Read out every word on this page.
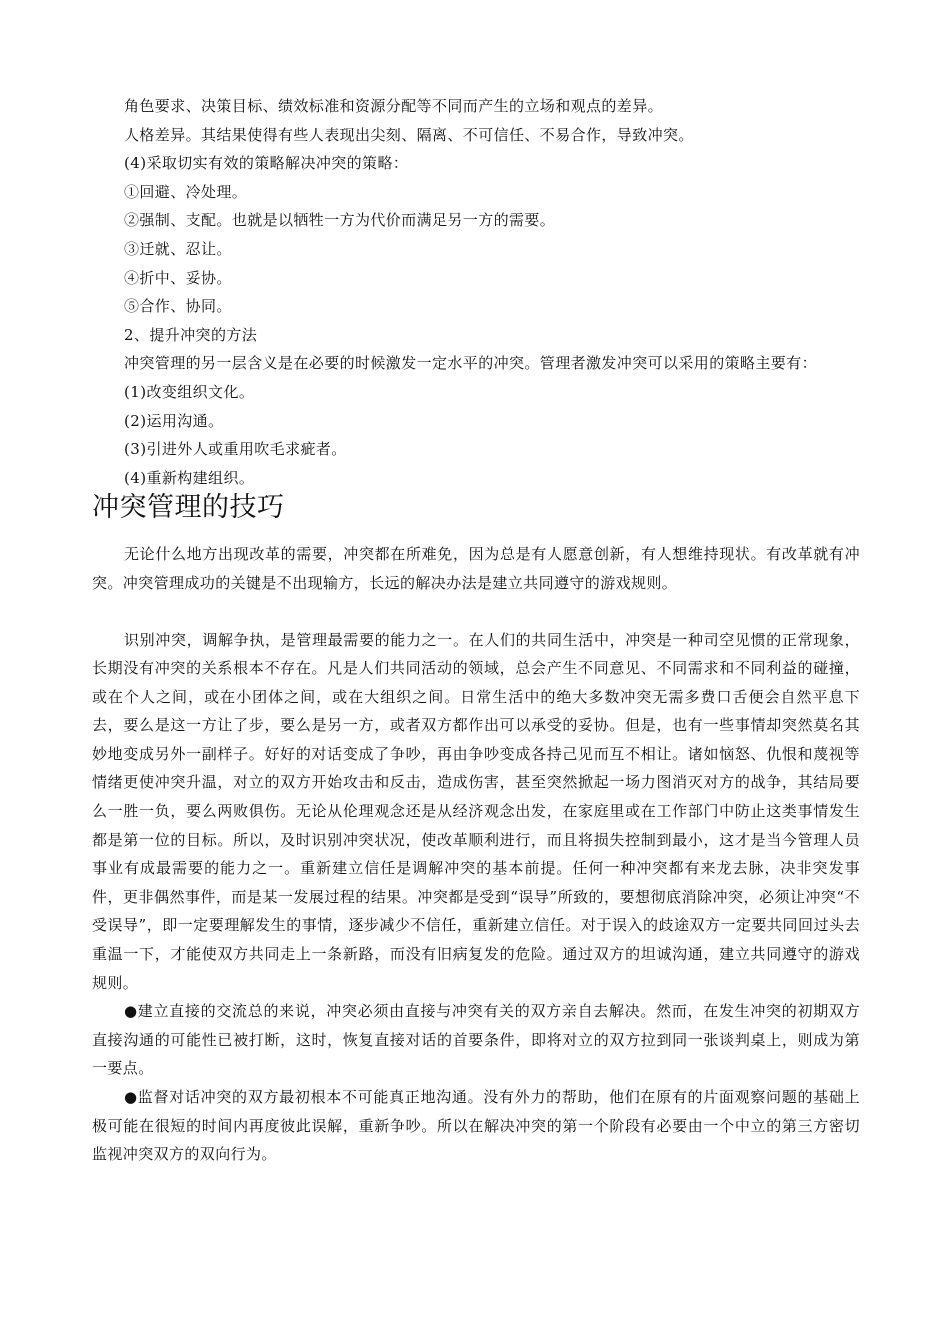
角色要求、决策目标、绩效标准和资源分配等不同而产生的立场和观点的差异。

人格差异。其结果使得有些人表现出尖刻、隔离、不可信任、不易合作，导致冲突。

(4)采取切实有效的策略解决冲突的策略：

①回避、冷处理。

②强制、支配。也就是以牺牲一方为代价而满足另一方的需要。

③迁就、忍让。

④折中、妥协。

⑤合作、协同。

2、提升冲突的方法

冲突管理的另一层含义是在必要的时候激发一定水平的冲突。管理者激发冲突可以采用的策略主要有：

(1)改变组织文化。

(2)运用沟通。

(3)引进外人或重用吹毛求疵者。

(4)重新构建组织。

冲突管理的技巧

无论什么地方出现改革的需要，冲突都在所难免，因为总是有人愿意创新，有人想维持现状。有改革就有冲突。冲突管理成功的关键是不出现输方，长远的解决办法是建立共同遵守的游戏规则。

识别冲突，调解争执，是管理最需要的能力之一。在人们的共同生活中，冲突是一种司空见惯的正常现象，长期没有冲突的关系根本不存在。凡是人们共同活动的领域，总会产生不同意见、不同需求和不同利益的碰撞，或在个人之间，或在小团体之间，或在大组织之间。日常生活中的绝大多数冲突无需多费口舌便会自然平息下去，要么是这一方让了步，要么是另一方，或者双方都作出可以承受的妥协。但是，也有一些事情却突然莫名其妙地变成另外一副样子。好好的对话变成了争吵，再由争吵变成各持己见而互不相让。诸如恼怒、仇恨和蔑视等情绪更使冲突升温，对立的双方开始攻击和反击，造成伤害，甚至突然掀起一场力图消灭对方的战争，其结局要么一胜一负，要么两败俱伤。无论从伦理观念还是从经济观念出发，在家庭里或在工作部门中防止这类事情发生都是第一位的目标。所以，及时识别冲突状况，使改革顺利进行，而且将损失控制到最小，这才是当今管理人员事业有成最需要的能力之一。重新建立信任是调解冲突的基本前提。任何一种冲突都有来龙去脉，决非突发事件，更非偶然事件，而是某一发展过程的结果。冲突都是受到“误导”所致的，要想彻底消除冲突，必须让冲突“不受误导”，即一定要理解发生的事情，逐步减少不信任，重新建立信任。对于误入的歧途双方一定要共同回过头去重温一下，才能使双方共同走上一条新路，而没有旧病复发的危险。通过双方的坦诚沟通，建立共同遵守的游戏规则。

●建立直接的交流总的来说，冲突必须由直接与冲突有关的双方亲自去解决。然而，在发生冲突的初期双方直接沟通的可能性已被打断，这时，恢复直接对话的首要条件，即将对立的双方拉到同一张谈判桌上，则成为第一要点。

●监督对话冲突的双方最初根本不可能真正地沟通。没有外力的帮助，他们在原有的片面观察问题的基础上极可能在很短的时间内再度彼此误解，重新争吵。所以在解决冲突的第一个阶段有必要由一个中立的第三方密切监视冲突双方的双向行为。
